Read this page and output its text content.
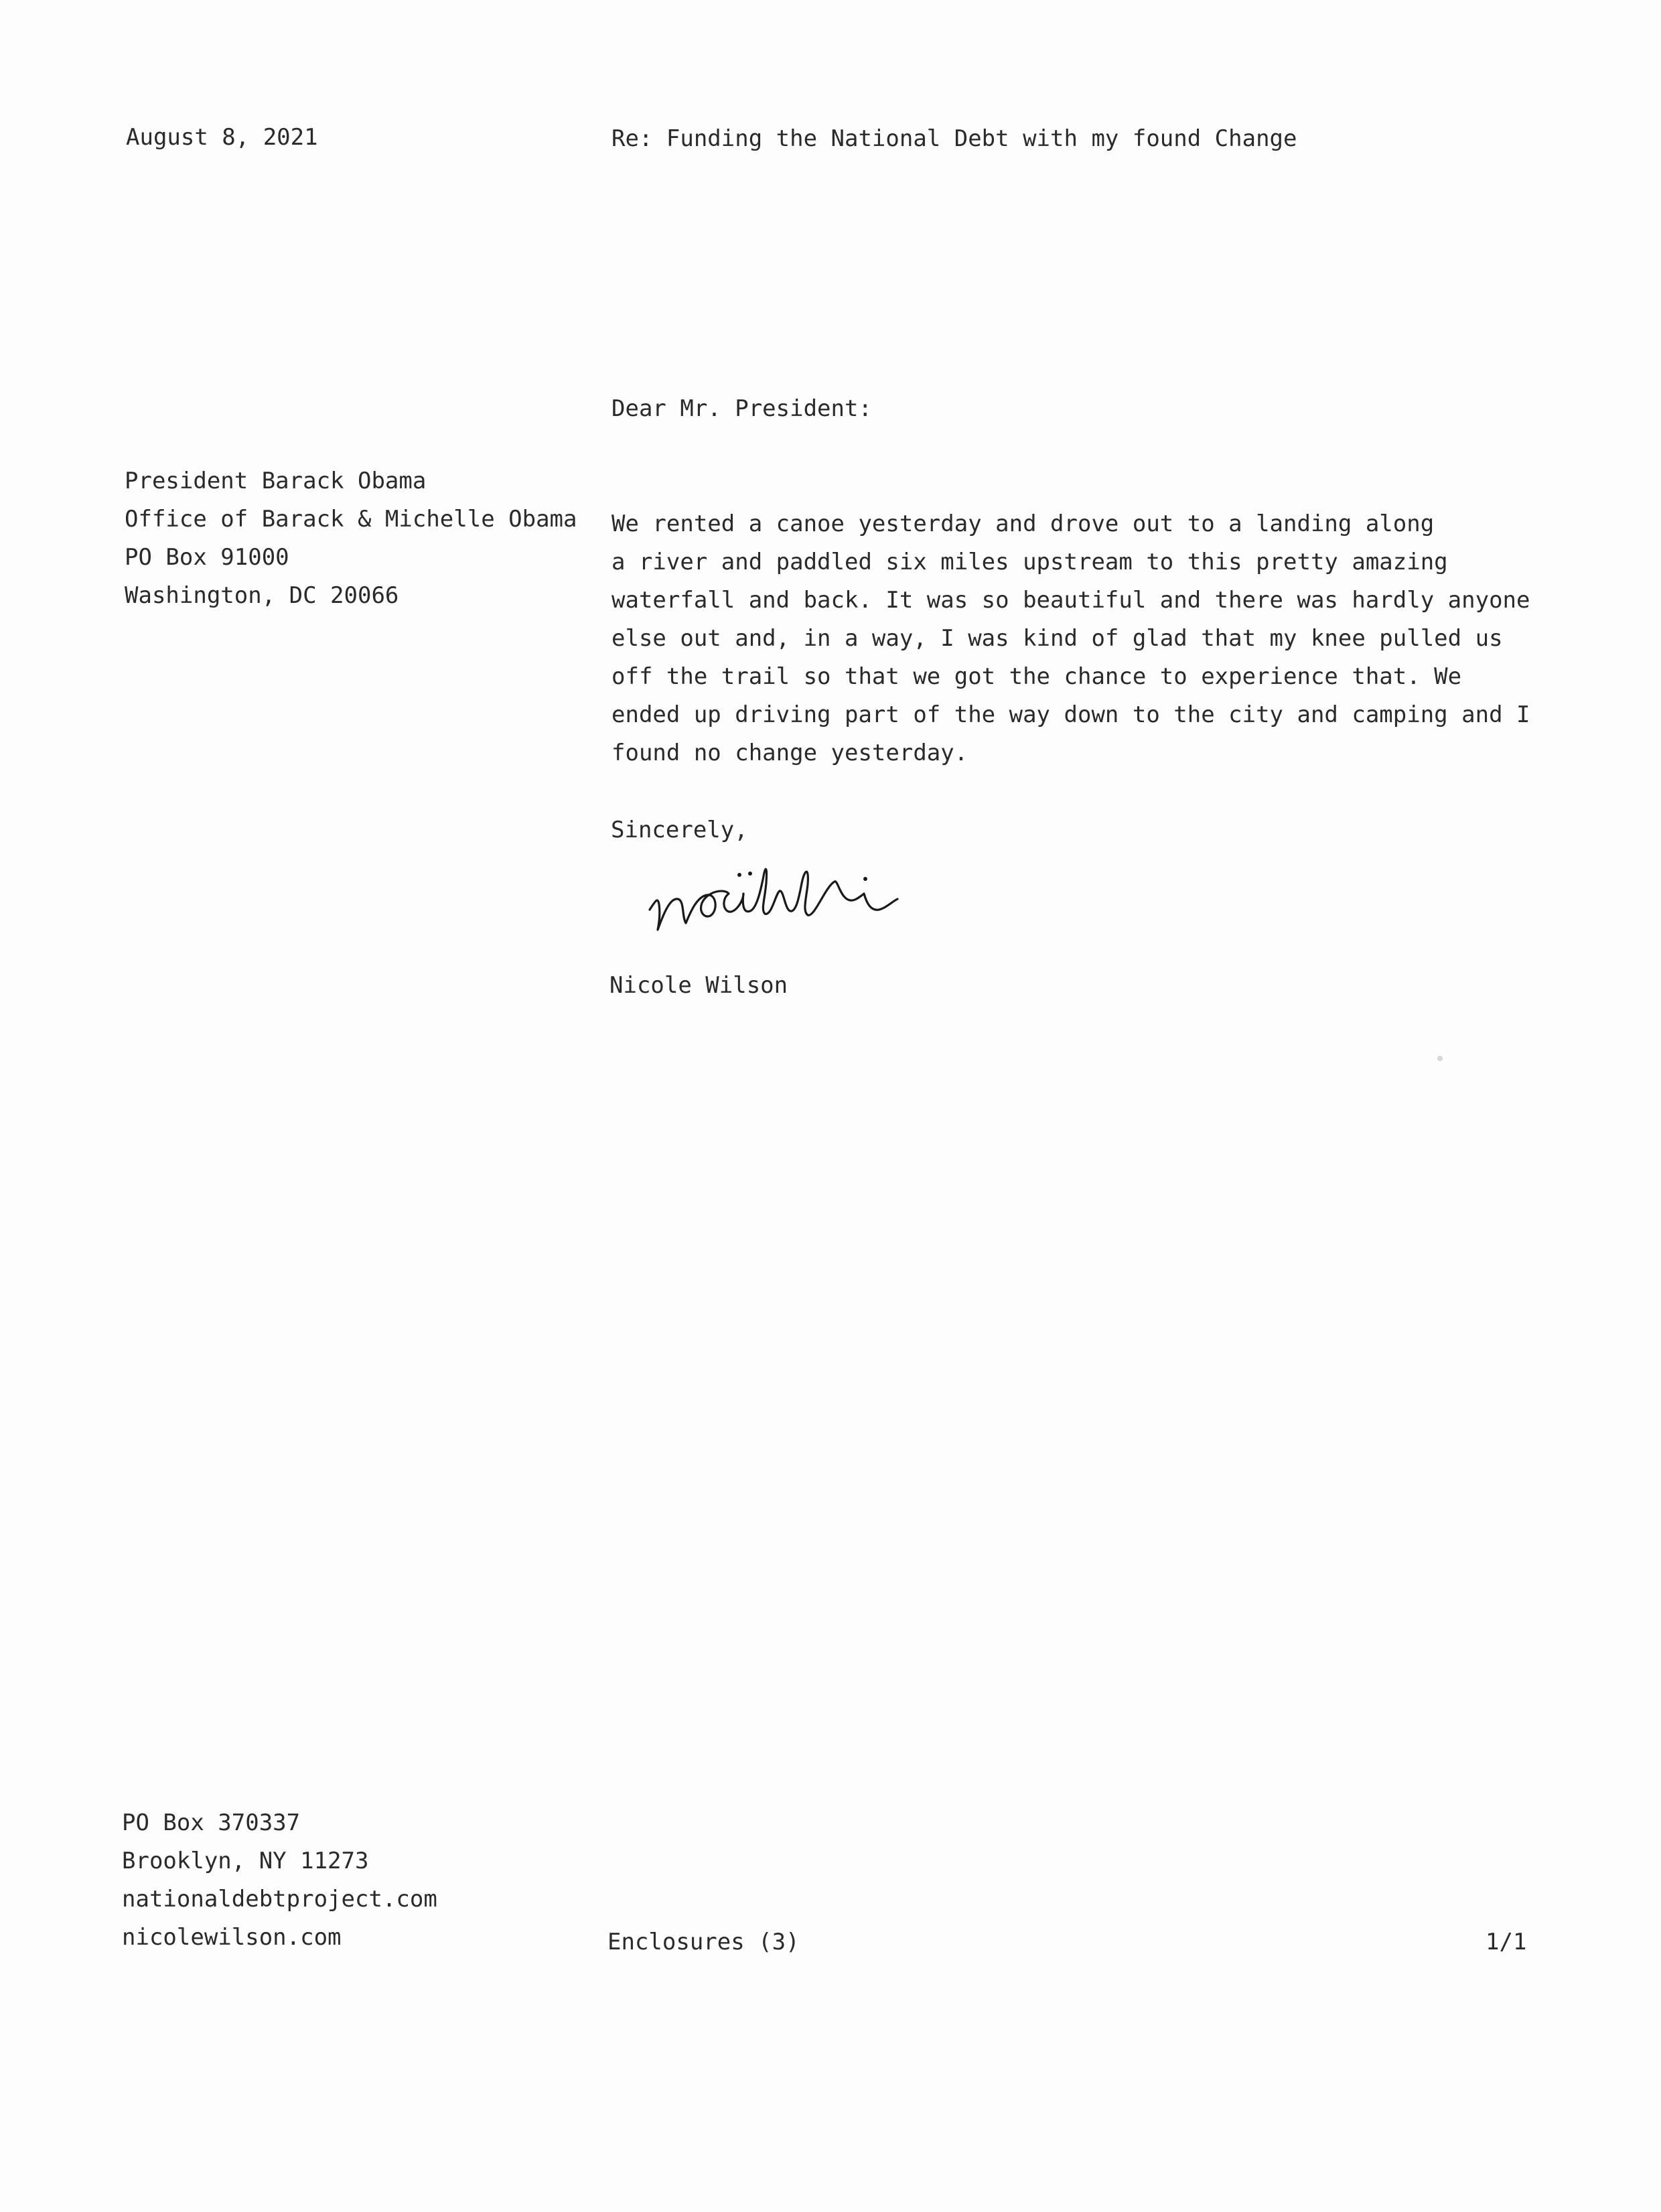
August 8, 2021	Re: Funding the National Debt with my found Change

Dear Mr. President:

President Barack Obama
Office of Barack & Michelle Obama
PO Box 91000
Washington, DC 20066
We rented a canoe yesterday and drove out to a landing along
a river and paddled six miles upstream to this pretty amazing
waterfall and back. It was so beautiful and there was hardly anyone
else out and, in a way, I was kind of glad that my knee pulled us
off the trail so that we got the chance to experience that. We
ended up driving part of the way down to the city and camping and I
found no change yesterday.

Sincerely,

Nicole Wilson

PO Box 370337
Brooklyn, NY 11273
nationaldebtproject.com
nicolewilson.com	Enclosures (3)	1/1
